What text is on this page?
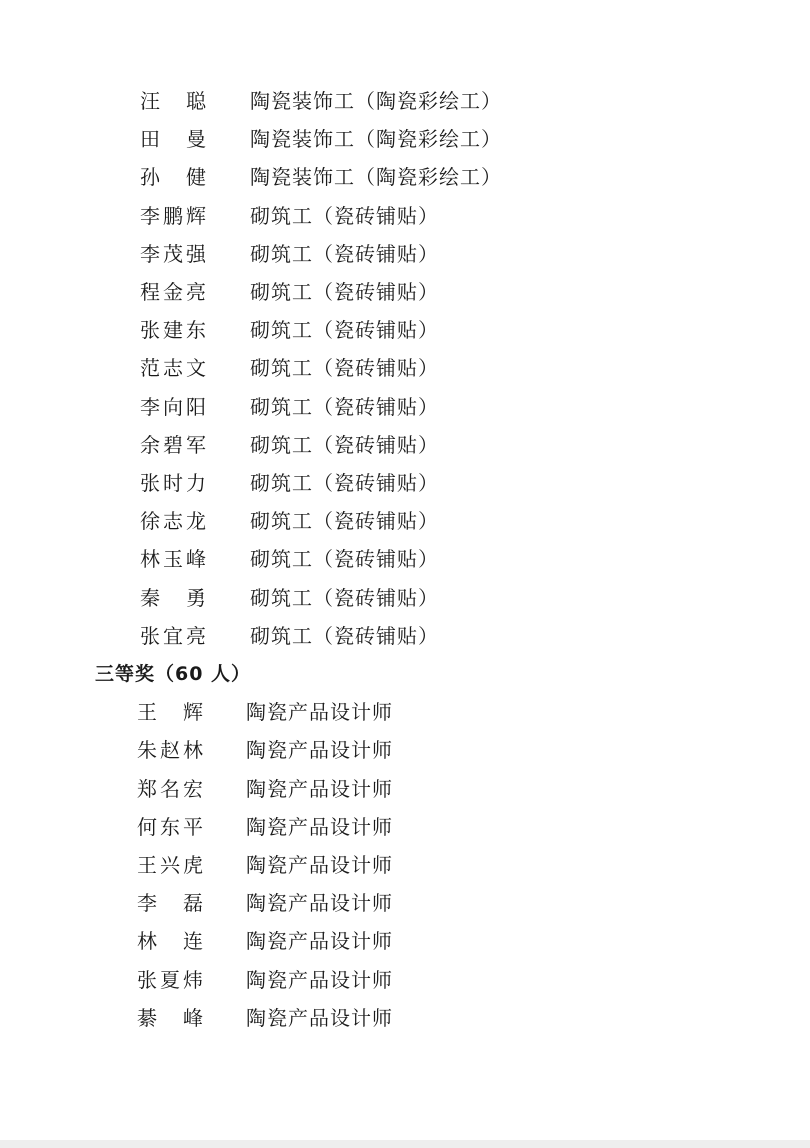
汪 聪 陶瓷装饰工（陶瓷彩绘工）
田 曼 陶瓷装饰工（陶瓷彩绘工）
孙 健 陶瓷装饰工（陶瓷彩绘工）
李 鹏 辉 砌筑工（瓷砖铺贴）
李 茂 强 砌筑工（瓷砖铺贴）
程 金 亮 砌筑工（瓷砖铺贴）
张 建 东 砌筑工（瓷砖铺贴）
范 志 文 砌筑工（瓷砖铺贴）
李 向 阳 砌筑工（瓷砖铺贴）
余 碧 军 砌筑工（瓷砖铺贴）
张 时 力 砌筑工（瓷砖铺贴）
徐 志 龙 砌筑工（瓷砖铺贴）
林 玉 峰 砌筑工（瓷砖铺贴）
秦 勇 砌筑工（瓷砖铺贴）
张 宜 亮 砌筑工（瓷砖铺贴）
三等奖（60 人）
王 辉 陶瓷产品设计师
朱 赵 林 陶瓷产品设计师
郑 名 宏 陶瓷产品设计师
何 东 平 陶瓷产品设计师
王 兴 虎 陶瓷产品设计师
李 磊 陶瓷产品设计师
林 连 陶瓷产品设计师
张 夏 炜 陶瓷产品设计师
綦 峰 陶瓷产品设计师
